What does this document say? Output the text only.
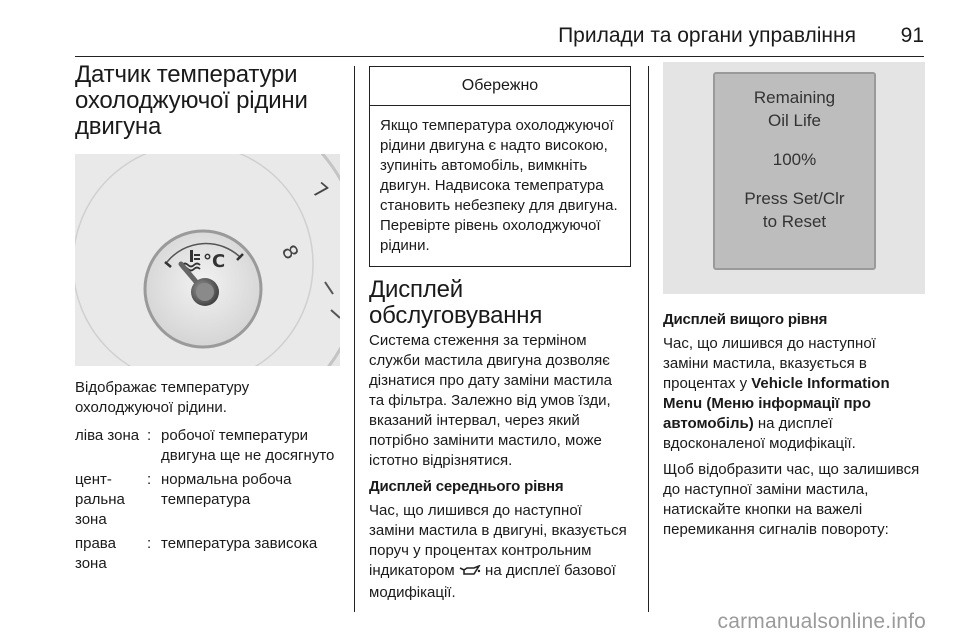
Прилади та органи управління 91
Датчик температури охолоджуючої рідини двигуна
7
8
°C

Відображає температуру охолоджуючої рідини.

ліва зона : робочої температури двигуна ще не досягнуто
цент-ральна зона
: нормальна робоча температура
права зона
: температура зависока
Обережно
Якщо температура охолоджуючої рідини двигуна є надто високою, зупиніть автомобіль, вимкніть двигун. Надвисока темепратура становить небезпеку для двигуна. Перевірте рівень охолоджуючої рідини.
Дисплей обслуговування

Система стеження за терміном служби мастила двигуна дозволяє дізнатися про дату заміни мастила та фільтра. Залежно від умов їзди, вказаний інтервал, через який потрібно замінити мастило, може істотно відрізнятися.

Дисплей середнього рівня

Час, що лишився до наступної заміни мастила в двигуні, вказується поруч у процентах контрольним індикатором на дисплеї базової модифікації.

Remaining
Oil Life
100%
Press Set/Clr
to Reset
Дисплей вищого рівня

Час, що лишився до наступної заміни мастила, вказується в процентах у Vehicle Information Menu (Меню інформації про автомобіль) на дисплеї вдосконаленої модифікації.

Щоб відобразити час, що залишився до наступної заміни мастила, натискайте кнопки на важелі перемикання сигналів повороту:

carmanualsonline.info
